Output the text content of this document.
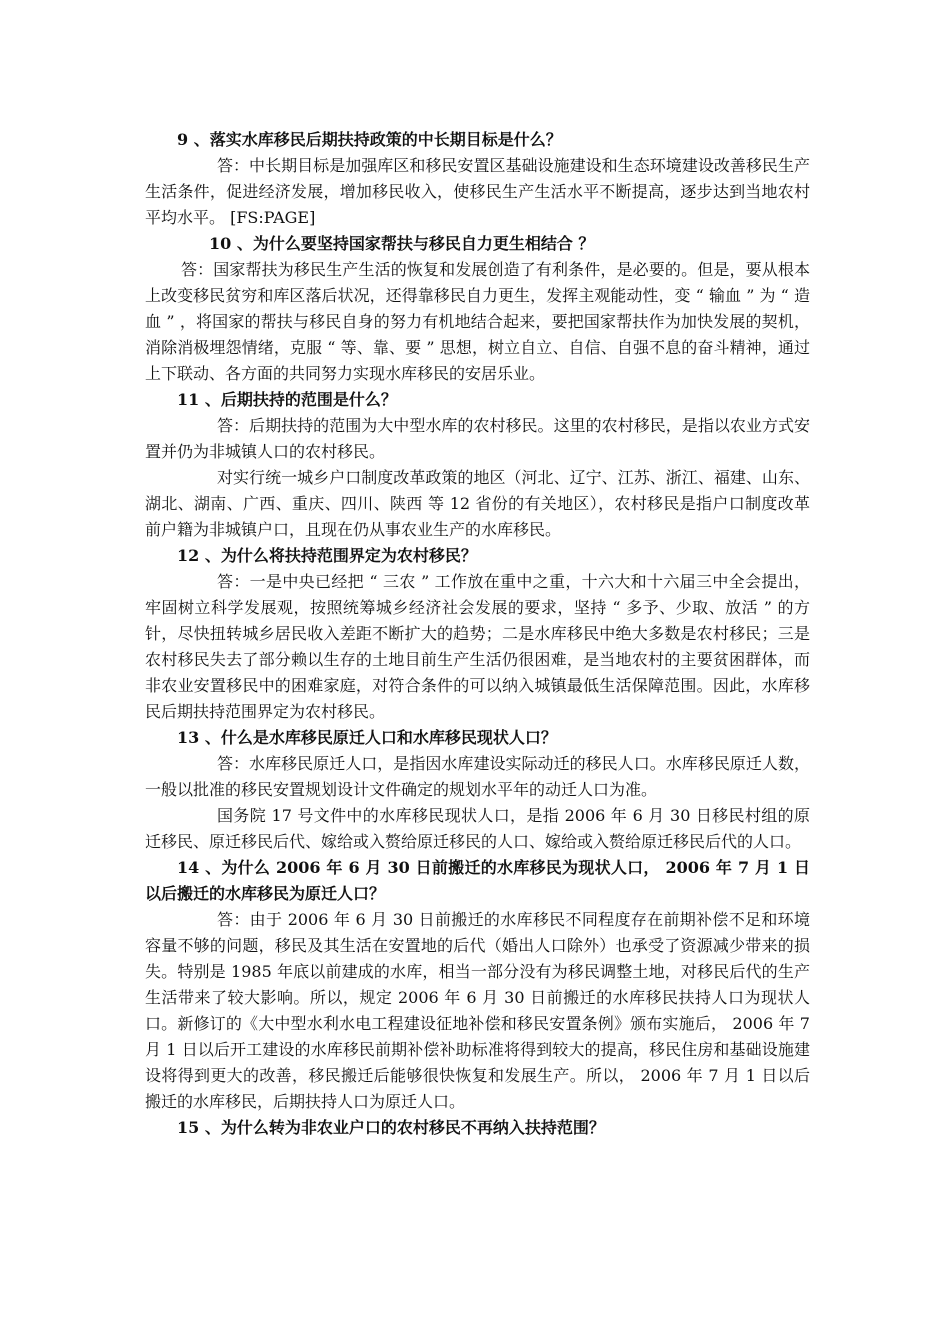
9 、落实水库移民后期扶持政策的中长期目标是什么？

答：中长期目标是加强库区和移民安置区基础设施建设和生态环境建设改善移民生产生活条件，促进经济发展，增加移民收入，使移民生产生活水平不断提高，逐步达到当地农村平均水平。 [FS:PAGE]

10 、为什么要坚持国家帮扶与移民自力更生相结合 ？

答：国家帮扶为移民生产生活的恢复和发展创造了有利条件，是必要的。但是，要从根本上改变移民贫穷和库区落后状况，还得靠移民自力更生，发挥主观能动性，变 “ 输血 ” 为 “ 造血 ” ，将国家的帮扶与移民自身的努力有机地结合起来，要把国家帮扶作为加快发展的契机，消除消极埋怨情绪，克服 “ 等、靠、要 ” 思想，树立自立、自信、自强不息的奋斗精神，通过上下联动、各方面的共同努力实现水库移民的安居乐业。

11 、后期扶持的范围是什么？

答：后期扶持的范围为大中型水库的农村移民。这里的农村移民，是指以农业方式安置并仍为非城镇人口的农村移民。

对实行统一城乡户口制度改革政策的地区（河北、辽宁、江苏、浙江、福建、山东、湖北、湖南、广西、重庆、四川、陕西 等 12 省份的有关地区），农村移民是指户口制度改革前户籍为非城镇户口，且现在仍从事农业生产的水库移民。

12 、为什么将扶持范围界定为农村移民？

答：一是中央已经把 “ 三农 ” 工作放在重中之重，十六大和十六届三中全会提出，牢固树立科学发展观，按照统筹城乡经济社会发展的要求，坚持 “ 多予、少取、放活 ” 的方针，尽快扭转城乡居民收入差距不断扩大的趋势；二是水库移民中绝大多数是农村移民；三是农村移民失去了部分赖以生存的土地目前生产生活仍很困难，是当地农村的主要贫困群体，而非农业安置移民中的困难家庭，对符合条件的可以纳入城镇最低生活保障范围。因此，水库移民后期扶持范围界定为农村移民。

13 、什么是水库移民原迁人口和水库移民现状人口？

答：水库移民原迁人口，是指因水库建设实际动迁的移民人口。水库移民原迁人数，一般以批准的移民安置规划设计文件确定的规划水平年的动迁人口为准。

国务院 17 号文件中的水库移民现状人口，是指 2006 年 6 月 30 日移民村组的原迁移民、原迁移民后代、嫁给或入赘给原迁移民的人口、嫁给或入赘给原迁移民后代的人口。

14 、为什么 2006 年 6 月 30 日前搬迁的水库移民为现状人口， 2006 年 7 月 1 日以后搬迁的水库移民为原迁人口？

答：由于 2006 年 6 月 30 日前搬迁的水库移民不同程度存在前期补偿不足和环境容量不够的问题，移民及其生活在安置地的后代（婚出人口除外）也承受了资源减少带来的损失。特别是 1985 年底以前建成的水库，相当一部分没有为移民调整土地，对移民后代的生产生活带来了较大影响。所以，规定 2006 年 6 月 30 日前搬迁的水库移民扶持人口为现状人口。新修订的《大中型水利水电工程建设征地补偿和移民安置条例》颁布实施后， 2006 年 7 月 1 日以后开工建设的水库移民前期补偿补助标准将得到较大的提高，移民住房和基础设施建设将得到更大的改善，移民搬迁后能够很快恢复和发展生产。所以， 2006 年 7 月 1 日以后搬迁的水库移民，后期扶持人口为原迁人口。

15 、为什么转为非农业户口的农村移民不再纳入扶持范围？
